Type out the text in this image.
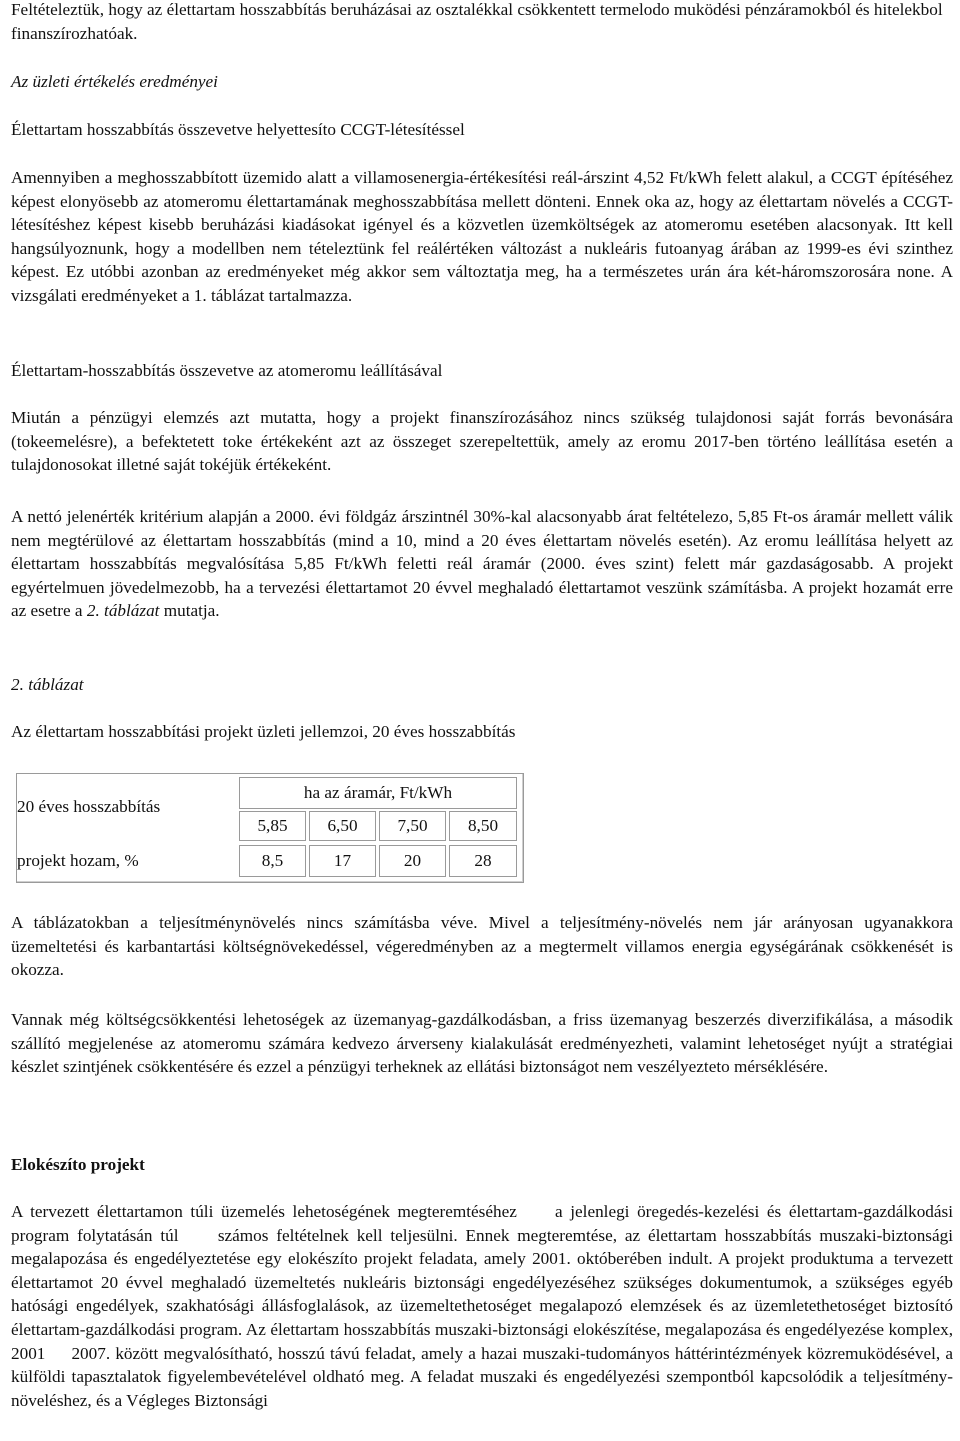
Feltételeztük, hogy az élettartam hosszabbítás beruházásai az osztalékkal csökkentett termelodo muködési pénzáramokból és hitelekbol finanszírozhatóak.

Az üzleti értékelés eredményei

Élettartam hosszabbítás összevetve helyettesíto CCGT-létesítéssel

Amennyiben a meghosszabbított üzemido alatt a villamosenergia-értékesítési reál-árszint 4,52 Ft/kWh felett alakul, a CCGT építéséhez képest elonyösebb az atomeromu élettartamának meghosszabbítása mellett dönteni. Ennek oka az, hogy az élettartam növelés a CCGT-létesítéshez képest kisebb beruházási kiadásokat igényel és a közvetlen üzemköltségek az atomeromu esetében alacsonyak. Itt kell hangsúlyoznunk, hogy a modellben nem tételeztünk fel reálértéken változást a nukleáris futoanyag árában az 1999-es évi szinthez képest. Ez utóbbi azonban az eredményeket még akkor sem változtatja meg, ha a természetes urán ára két-háromszorosára none. A vizsgálati eredményeket a 1. táblázat tartalmazza.

Élettartam-hosszabbítás összevetve az atomeromu leállításával

Miután a pénzügyi elemzés azt mutatta, hogy a projekt finanszírozásához nincs szükség tulajdonosi saját forrás bevonására (tokeemelésre), a befektetett toke értékeként azt az összeget szerepeltettük, amely az eromu 2017-ben történo leállítása esetén a tulajdonosokat illetné saját tokéjük értékeként.

A nettó jelenérték kritérium alapján a 2000. évi földgáz árszintnél 30%-kal alacsonyabb árat feltételezo, 5,85 Ft-os áramár mellett válik nem megtérülové az élettartam hosszabbítás (mind a 10, mind a 20 éves élettartam növelés esetén). Az eromu leállítása helyett az élettartam hosszabbítás megvalósítása 5,85 Ft/kWh feletti reál áramár (2000. éves szint) felett már gazdaságosabb. A projekt egyértelmuen jövedelmezobb, ha a tervezési élettartamot 20 évvel meghaladó élettartamot veszünk számításba. A projekt hozamát erre az esetre a 2. táblázat mutatja.

2. táblázat

Az élettartam hosszabbítási projekt üzleti jellemzoi, 20 éves hosszabbítás

20 éves hosszabbítás
ha az áramár, Ft/kWh
5,85	6,50	7,50	8,50
projekt hozam, %	8,5	17	20	28

A táblázatokban a teljesítménynövelés nincs számításba véve. Mivel a teljesítmény-növelés nem jár arányosan ugyanakkora üzemeltetési és karbantartási költségnövekedéssel, végeredményben az a megtermelt villamos energia egységárának csökkenését is okozza.

Vannak még költségcsökkentési lehetoségek az üzemanyag-gazdálkodásban, a friss üzemanyag beszerzés diverzifikálása, a második szállító megjelenése az atomeromu számára kedvezo árverseny kialakulását eredményezheti, valamint lehetoséget nyújt a stratégiai készlet szintjének csökkentésére és ezzel a pénzügyi terheknek az ellátási biztonságot nem veszélyezteto mérséklésére.

Elokészíto projekt

A tervezett élettartamon túli üzemelés lehetoségének megteremtéséhez     a jelenlegi öregedés-kezelési és élettartam-gazdálkodási program folytatásán túl     számos feltételnek kell teljesülni. Ennek megteremtése, az élettartam hosszabbítás muszaki-biztonsági megalapozása és engedélyeztetése egy elokészíto projekt feladata, amely 2001. októberében indult. A projekt produktuma a tervezett élettartamot 20 évvel meghaladó üzemeltetés nukleáris biztonsági engedélyezéséhez szükséges dokumentumok, a szükséges egyéb hatósági engedélyek, szakhatósági állásfoglalások, az üzemeltethetoséget megalapozó elemzések és az üzemletethetoséget biztosító élettartam-gazdálkodási program. Az élettartam hosszabbítás muszaki-biztonsági elokészítése, megalapozása és engedélyezése komplex, 2001     2007. között megvalósítható, hosszú távú feladat, amely a hazai muszaki-tudományos háttérintézmények közremuködésével, a külföldi tapasztalatok figyelembevételével oldható meg. A feladat muszaki és engedélyezési szempontból kapcsolódik a teljesítmény-növeléshez, és a Végleges Biztonsági
